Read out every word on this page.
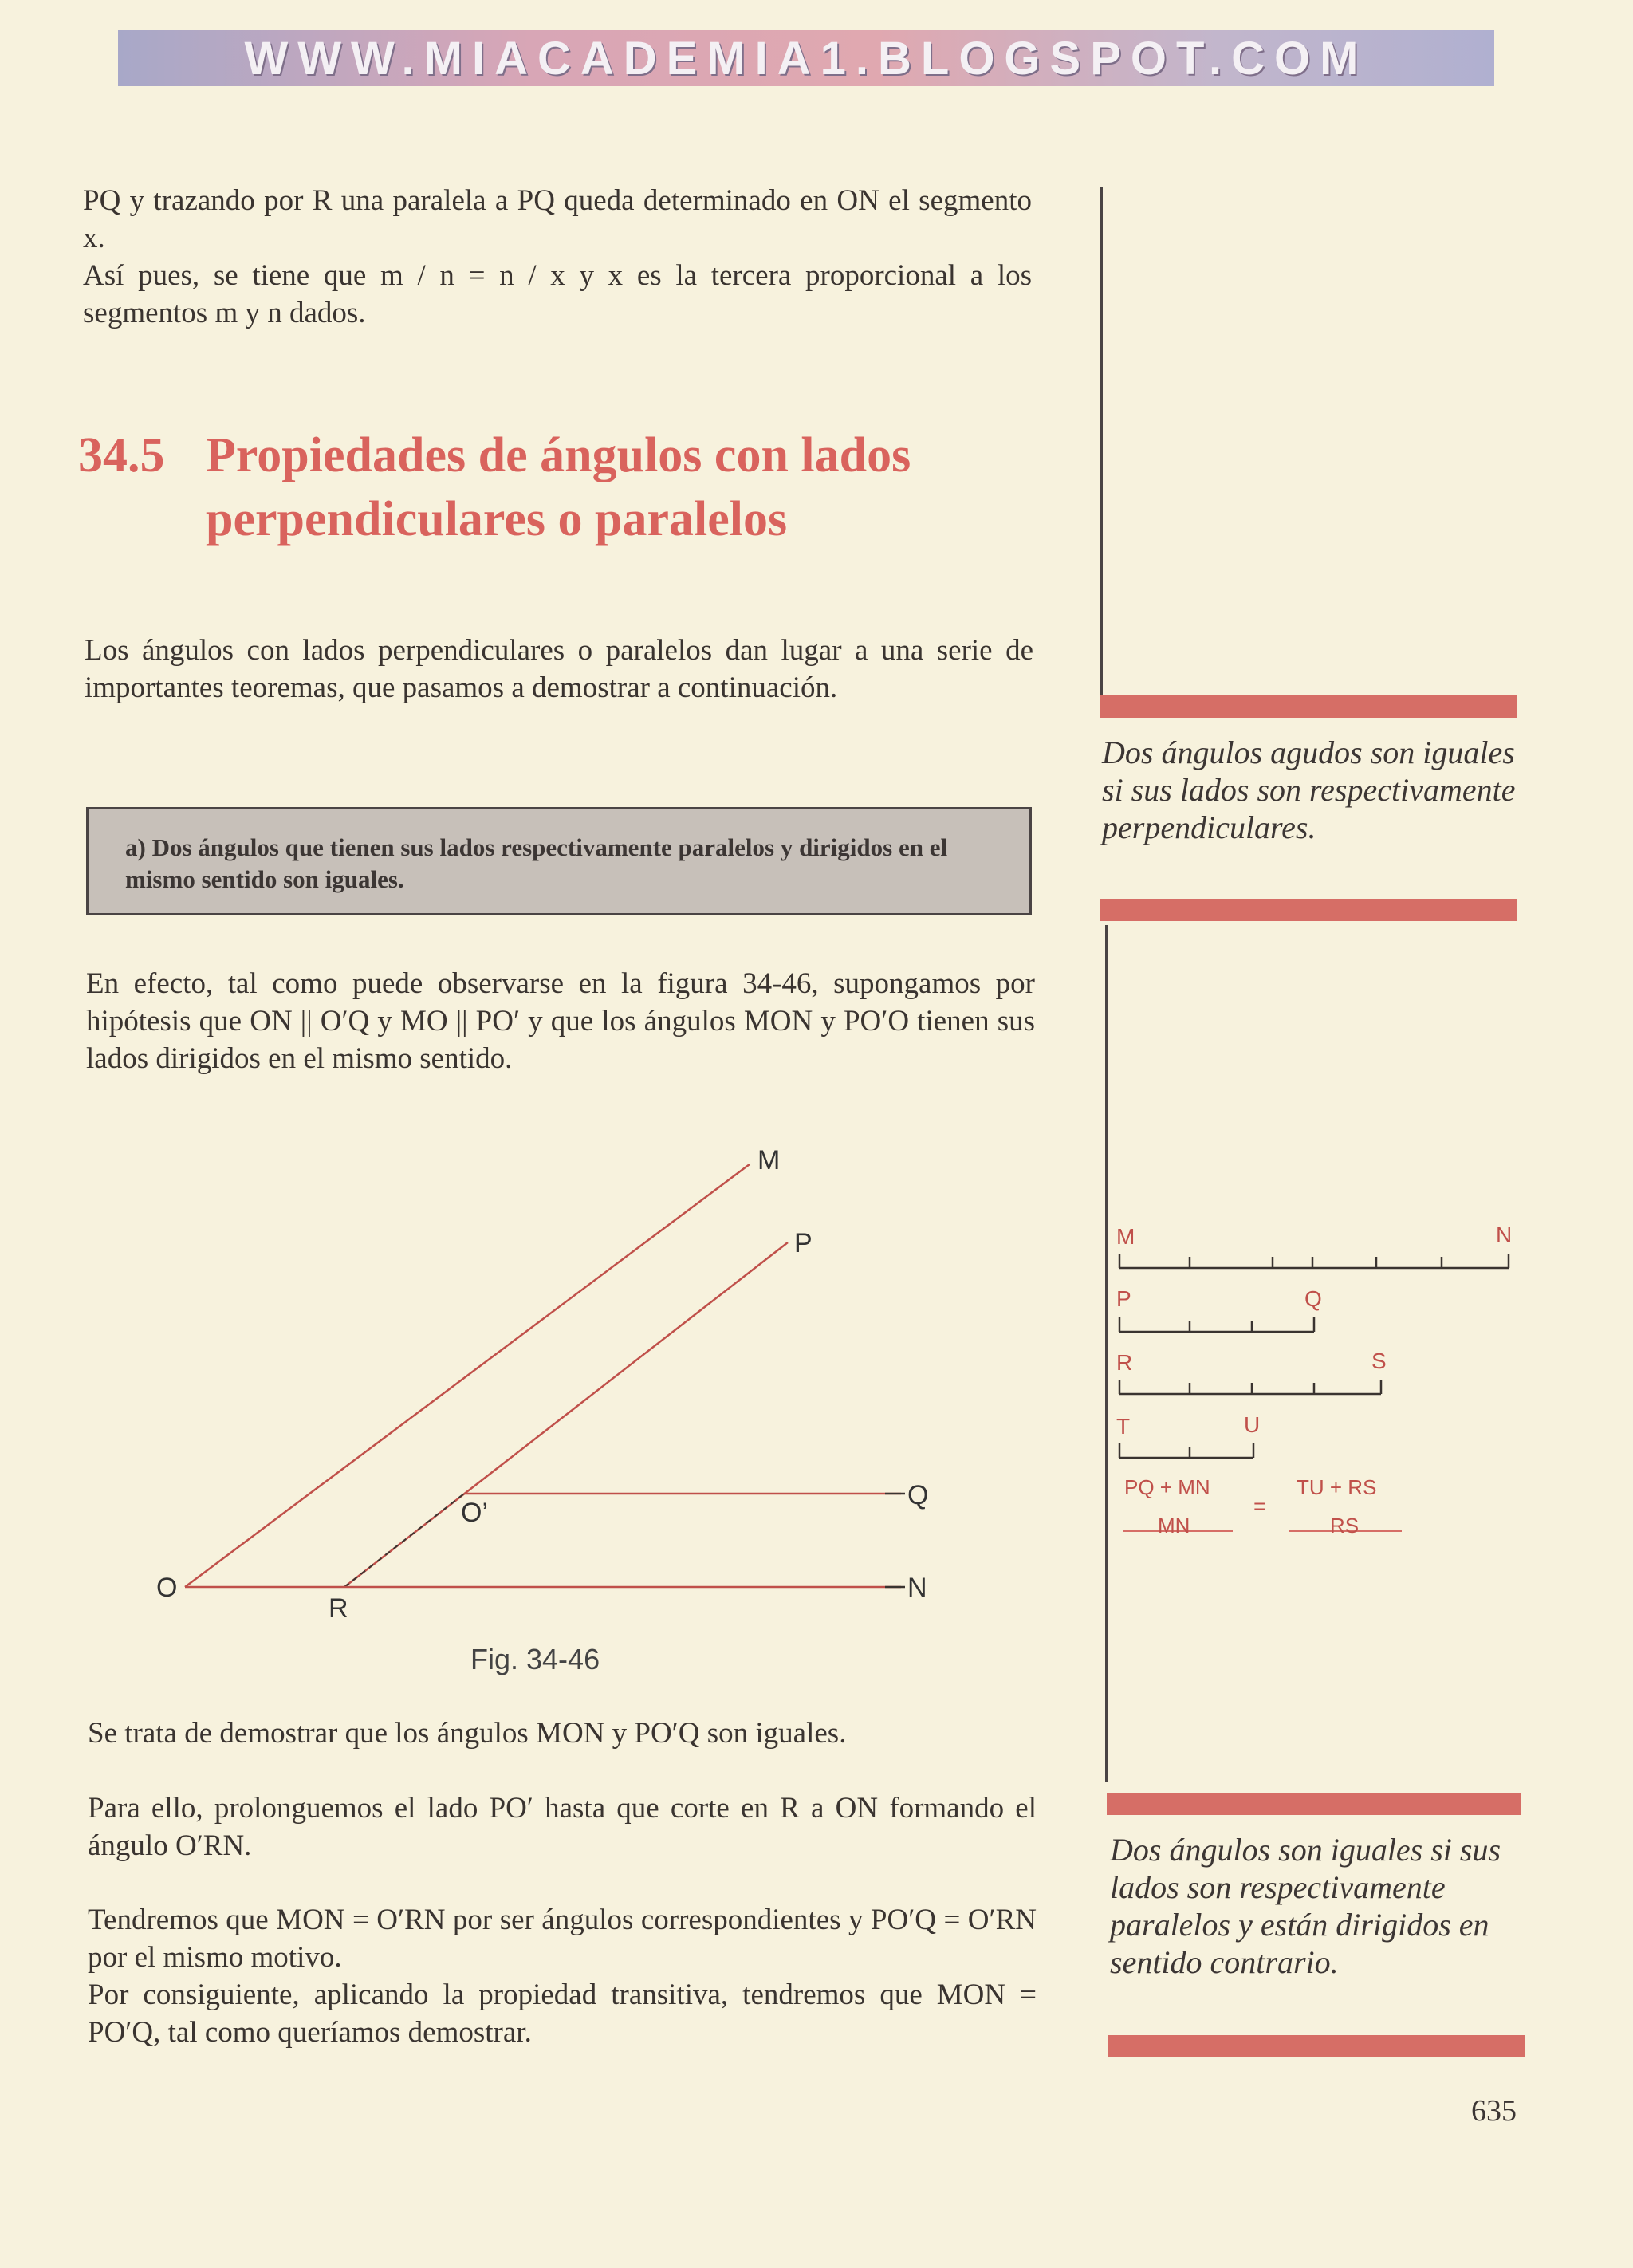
WWW.MIACADEMIA1.BLOGSPOT.COM

PQ y trazando por R una paralela a PQ queda determinado en ON el segmento x.

Así pues, se tiene que m / n = n / x y x es la tercera proporcional a los segmentos m y n dados.

34.5 Propiedades de ángulos con lados
perpendiculares o paralelos

Los ángulos con lados perpendiculares o paralelos dan lugar a una serie de importantes teoremas, que pasamos a demostrar a continuación.

a) Dos ángulos que tienen sus lados respectivamente paralelos y dirigidos en el mismo sentido son iguales.

En efecto, tal como puede observarse en la figura 34-46, supongamos por hipótesis que ON || O′Q y MO || PO′ y que los ángulos MON y PO′O tienen sus lados dirigidos en el mismo sentido.

M
P
Q
O’
O
R
N
Fig. 34-46

Se trata de demostrar que los ángulos MON y PO′Q son iguales.

Para ello, prolonguemos el lado PO′ hasta que corte en R a ON formando el ángulo O′RN.

Tendremos que MON = O′RN por ser ángulos correspondientes y PO′Q = O′RN por el mismo motivo.

Por consiguiente, aplicando la propiedad transitiva, tendremos que MON = PO′Q, tal como queríamos demostrar.

Dos ángulos agudos son iguales si sus lados son respectivamente perpendiculares.

M	N
P	Q
R	S
T	U
PQ + MN
MN
=
TU + RS
RS

Dos ángulos son iguales si sus lados son respectivamente paralelos y están dirigidos en sentido contrario.

635
